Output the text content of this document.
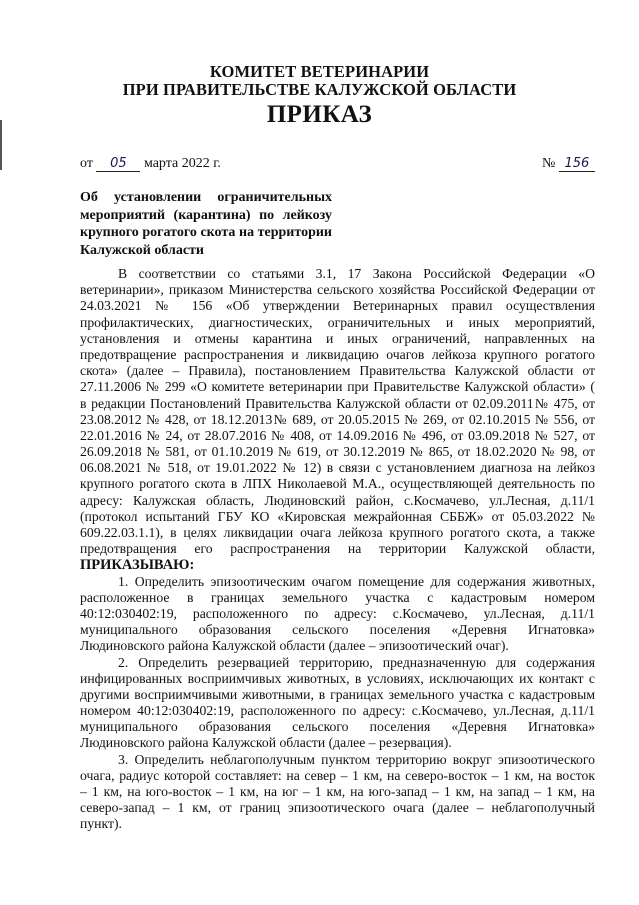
КОМИТЕТ ВЕТЕРИНАРИИ
ПРИ ПРАВИТЕЛЬСТВЕ КАЛУЖСКОЙ ОБЛАСТИ
ПРИКАЗ
от 05 марта 2022 г.	№ 156
Об установлении ограничительных
мероприятий (карантина) по лейкозу
крупного рогатого скота на территории
Калужской области
В соответствии со статьями 3.1, 17 Закона Российской Федерации «О
ветеринарии», приказом Министерства сельского хозяйства Российской Федерации от
24.03.2021 № 156 «Об утверждении Ветеринарных правил осуществления
профилактических, диагностических, ограничительных и иных мероприятий,
установления и отмены карантина и иных ограничений, направленных на
предотвращение распространения и ликвидацию очагов лейкоза крупного рогатого
скота» (далее – Правила), постановлением Правительства Калужской области от
27.11.2006 № 299 «О комитете ветеринарии при Правительстве Калужской области» (
в редакции Постановлений Правительства Калужской области от 02.09.2011№ 475, от
23.08.2012 № 428, от 18.12.2013№ 689, от 20.05.2015 № 269, от 02.10.2015 № 556, от
22.01.2016 № 24, от 28.07.2016 № 408, от 14.09.2016 № 496, от 03.09.2018 № 527, от
26.09.2018 № 581, от 01.10.2019 № 619, от 30.12.2019 № 865, от 18.02.2020 № 98, от
06.08.2021 № 518, от 19.01.2022 № 12) в связи с установлением диагноза на лейкоз
крупного рогатого скота в ЛПХ Николаевой М.А., осуществляющей деятельность по
адресу: Калужская область, Людиновский район, с.Космачево, ул.Лесная, д.11/1
(протокол испытаний ГБУ КО «Кировская межрайонная СББЖ» от 05.03.2022 №
609.22.03.1.1), в целях ликвидации очага лейкоза крупного рогатого скота, а также
предотвращения его распространения на территории Калужской области,
ПРИКАЗЫВАЮ:
1. Определить эпизоотическим очагом помещение для содержания животных,
расположенное в границах земельного участка с кадастровым номером
40:12:030402:19, расположенного по адресу: с.Космачево, ул.Лесная, д.11/1
муниципального образования сельского поселения «Деревня Игнатовка»
Людиновского района Калужской области (далее – эпизоотический очаг).
2. Определить резервацией территорию, предназначенную для содержания
инфицированных восприимчивых животных, в условиях, исключающих их контакт с
другими восприимчивыми животными, в границах земельного участка с кадастровым
номером 40:12:030402:19, расположенного по адресу: с.Космачево, ул.Лесная, д.11/1
муниципального образования сельского поселения «Деревня Игнатовка»
Людиновского района Калужской области (далее – резервация).
3. Определить неблагополучным пунктом территорию вокруг эпизоотического
очага, радиус которой составляет: на север – 1 км, на северо-восток – 1 км, на восток
– 1 км, на юго-восток – 1 км, на юг – 1 км, на юго-запад – 1 км, на запад – 1 км, на
северо-запад – 1 км, от границ эпизоотического очага (далее – неблагополучный
пункт).
